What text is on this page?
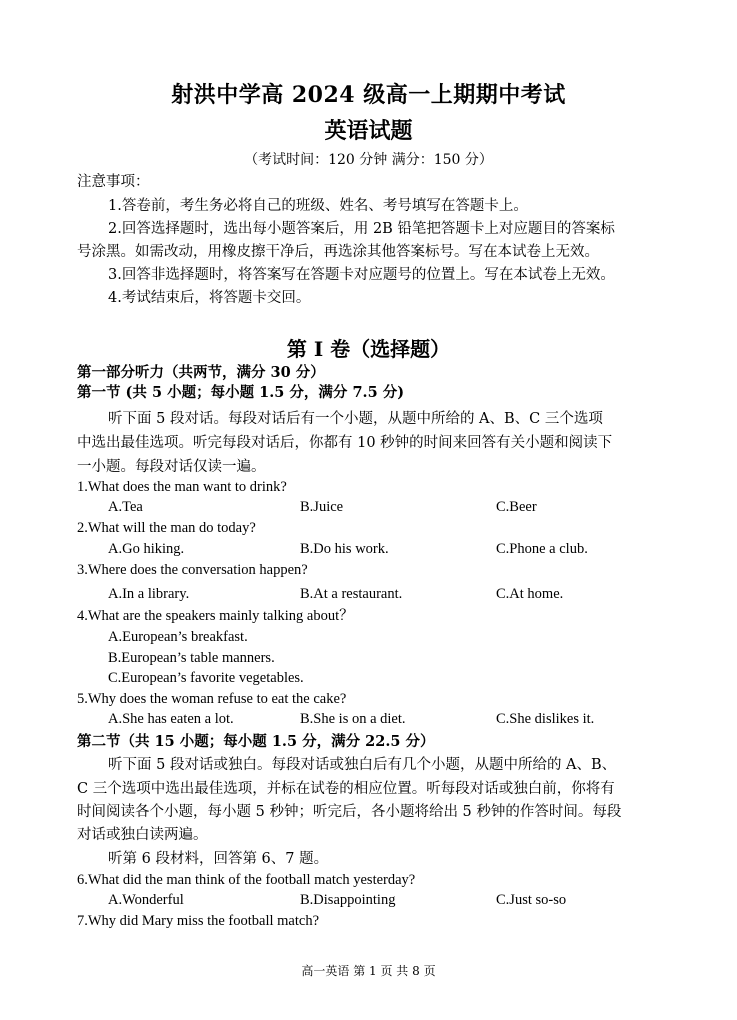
射洪中学高 2024 级高一上期期中考试
英语试题
（考试时间：120 分钟 满分：150 分）
注意事项：
1.答卷前，考生务必将自己的班级、姓名、考号填写在答题卡上。
2.回答选择题时，选出每小题答案后，用 2B 铅笔把答题卡上对应题目的答案标
号涂黑。如需改动，用橡皮擦干净后，再选涂其他答案标号。写在本试卷上无效。
3.回答非选择题时，将答案写在答题卡对应题号的位置上。写在本试卷上无效。
4.考试结束后，将答题卡交回。
第 I 卷（选择题）
第一部分听力（共两节，满分 30 分）
第一节 (共 5 小题；每小题 1.5 分，满分 7.5 分)
听下面 5 段对话。每段对话后有一个小题，从题中所给的 A、B、C 三个选项
中选出最佳选项。听完每段对话后，你都有 10 秒钟的时间来回答有关小题和阅读下
一小题。每段对话仅读一遍。
1.What does the man want to drink?
A.Tea	B.Juice	C.Beer
2.What will the man do today?
A.Go hiking.	B.Do his work.	C.Phone a club.
3.Where does the conversation happen?
A.In a library.	B.At a restaurant.	C.At home.
4.What are the speakers mainly talking about？
A.European’s breakfast.
B.European’s table manners.
C.European’s favorite vegetables.
5.Why does the woman refuse to eat the cake?
A.She has eaten a lot.	B.She is on a diet.	C.She dislikes it.
第二节（共 15 小题；每小题 1.5 分，满分 22.5 分）
听下面 5 段对话或独白。每段对话或独白后有几个小题，从题中所给的 A、B、
C 三个选项中选出最佳选项，并标在试卷的相应位置。听每段对话或独白前，你将有
时间阅读各个小题，每小题 5 秒钟；听完后，各小题将给出 5 秒钟的作答时间。每段
对话或独白读两遍。
听第 6 段材料，回答第 6、7 题。
6.What did the man think of the football match yesterday?
A.Wonderful	B.Disappointing	C.Just so-so
7.Why did Mary miss the football match?
高一英语 第 1 页 共 8 页
